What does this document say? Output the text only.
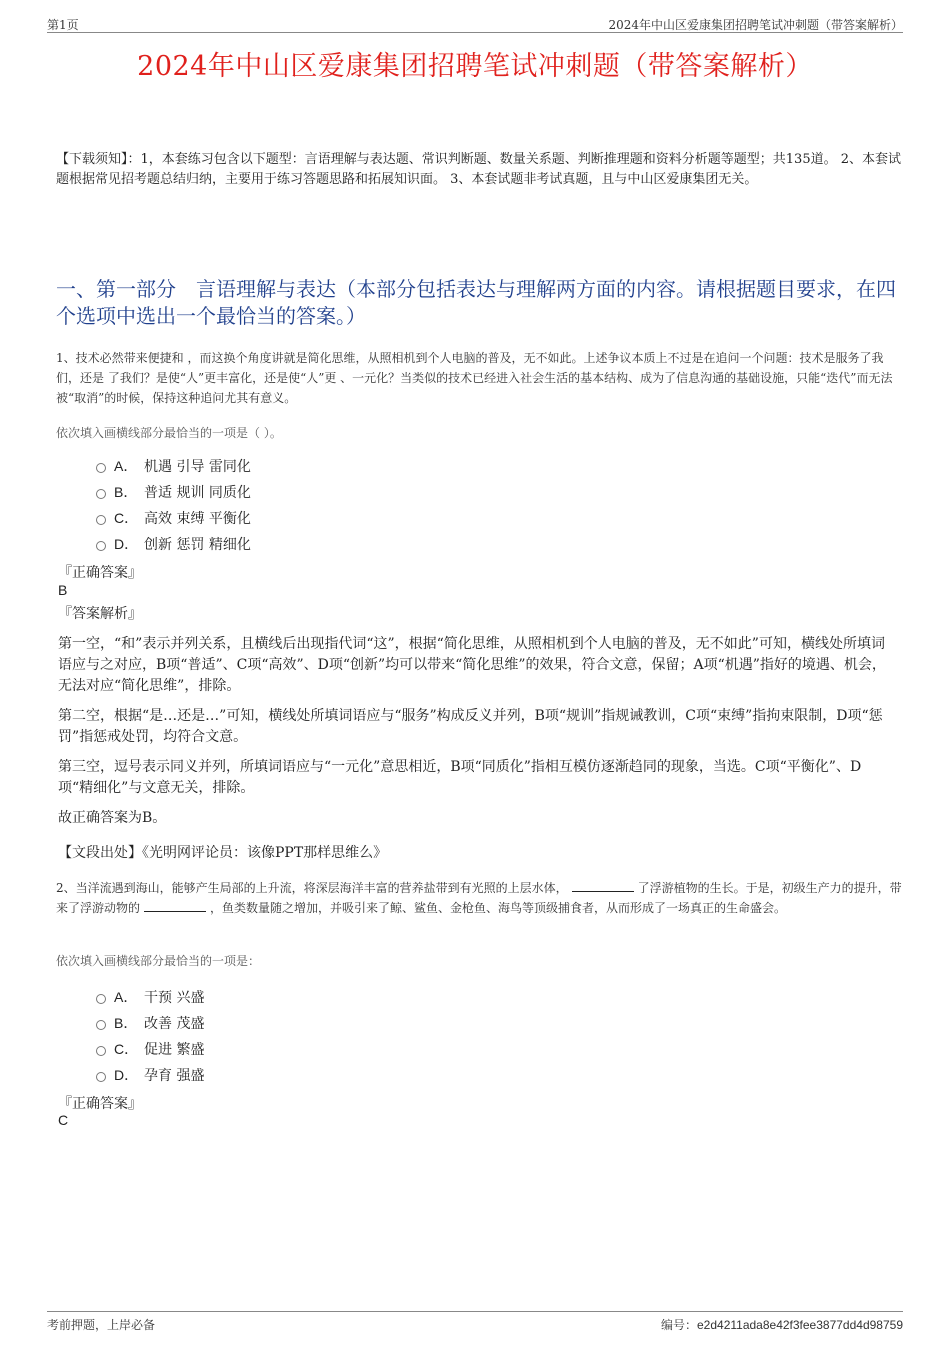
第1页	2024年中山区爱康集团招聘笔试冲刺题（带答案解析）
2024年中山区爱康集团招聘笔试冲刺题（带答案解析）
【下载须知】：1，本套练习包含以下题型：言语理解与表达题、常识判断题、数量关系题、判断推理题和资料分析题等题型；共135道。 2、本套试题根据常见招考题总结归纳，主要用于练习答题思路和拓展知识面。 3、本套试题非考试真题，且与中山区爱康集团无关。
一、第一部分　言语理解与表达（本部分包括表达与理解两方面的内容。请根据题目要求，在四个选项中选出一个最恰当的答案。）
1、技术必然带来便捷和 ，而这换个角度讲就是简化思维，从照相机到个人电脑的普及，无不如此。上述争议本质上不过是在追问一个问题：技术是服务了我们，还是 了我们？是使“人”更丰富化，还是使“人”更 、一元化？当类似的技术已经进入社会生活的基本结构、成为了信息沟通的基础设施，只能“迭代”而无法被“取消”的时候，保持这种追问尤其有意义。
依次填入画横线部分最恰当的一项是（ ）。
A． 机遇 引导 雷同化
B． 普适 规训 同质化
C． 高效 束缚 平衡化
D． 创新 惩罚 精细化
『正确答案』
B
『答案解析』
第一空，“和”表示并列关系，且横线后出现指代词“这”，根据“简化思维，从照相机到个人电脑的普及，无不如此”可知，横线处所填词语应与之对应，B项“普适”、C项“高效”、D项“创新”均可以带来“简化思维”的效果，符合文意，保留；A项“机遇”指好的境遇、机会，无法对应“简化思维”，排除。
第二空，根据“是…还是…”可知，横线处所填词语应与“服务”构成反义并列，B项“规训”指规诫教训，C项“束缚”指拘束限制，D项“惩罚”指惩戒处罚，均符合文意。
第三空，逗号表示同义并列，所填词语应与“一元化”意思相近，B项“同质化”指相互模仿逐渐趋同的现象，当选。C项“平衡化”、D项“精细化”与文意无关，排除。
故正确答案为B。
【文段出处】《光明网评论员：该像PPT那样思维么》
2、当洋流遇到海山，能够产生局部的上升流，将深层海洋丰富的营养盐带到有光照的上层水体，	了浮游植物的生长。于是，初级生产力的提升，带来了浮游动物的	，鱼类数量随之增加，并吸引来了鲸、鲨鱼、金枪鱼、海鸟等顶级捕食者，从而形成了一场真正的生命盛会。
依次填入画横线部分最恰当的一项是：
A． 干预 兴盛
B． 改善 茂盛
C． 促进 繁盛
D． 孕育 强盛
『正确答案』
C
考前押题，上岸必备	编号：e2d4211ada8e42f3fee3877dd4d98759
